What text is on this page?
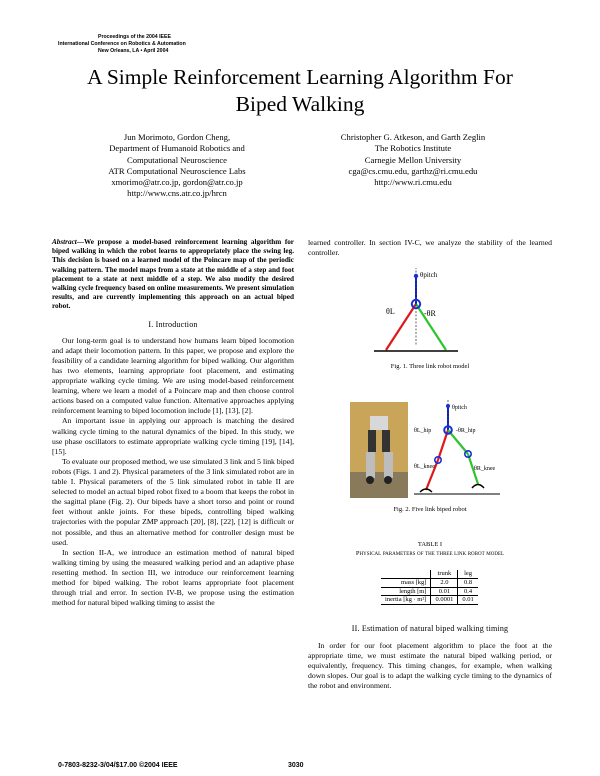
Proceedings of the 2004 IEEE
International Conference on Robotics & Automation
New Orleans, LA • April 2004
A Simple Reinforcement Learning Algorithm For
Biped Walking
Jun Morimoto, Gordon Cheng,
Department of Humanoid Robotics and
Computational Neuroscience
ATR Computational Neuroscience Labs
xmorimo@atr.co.jp, gordon@atr.co.jp
http://www.cns.atr.co.jp/hrcn
Christopher G. Atkeson, and Garth Zeglin
The Robotics Institute
Carnegie Mellon University
cga@cs.cmu.edu, garthz@ri.cmu.edu
http://www.ri.cmu.edu
Abstract—We propose a model-based reinforcement learning algorithm for biped walking in which the robot learns to appropriately place the swing leg. This decision is based on a learned model of the Poincare map of the periodic walking pattern. The model maps from a state at the middle of a step and foot placement to a state at next middle of a step. We also modify the desired walking cycle frequency based on online measurements. We present simulation results, and are currently implementing this approach on an actual biped robot.
I. Introduction

Our long-term goal is to understand how humans learn biped locomotion and adapt their locomotion pattern. In this paper, we propose and explore the feasibility of a candidate learning algorithm for biped walking. Our algorithm has two elements, learning appropriate foot placement, and estimating appropriate walking cycle timing. We are using model-based reinforcement learning, where we learn a model of a Poincare map and then choose control actions based on a computed value function. Alternative approaches applying reinforcement learning to biped locomotion include [1], [13], [2].

An important issue in applying our approach is matching the desired walking cycle timing to the natural dynamics of the biped. In this study, we use phase oscillators to estimate appropriate walking cycle timing [19], [14], [15].

To evaluate our proposed method, we use simulated 3 link and 5 link biped robots (Figs. 1 and 2). Physical parameters of the 3 link simulated robot are in table I. Physical parameters of the 5 link simulated robot in table II are selected to model an actual biped robot fixed to a boom that keeps the robot in the sagittal plane (Fig. 2). Our bipeds have a short torso and point or round feet without ankle joints. For these bipeds, controlling biped walking trajectories with the popular ZMP approach [20], [8], [22], [12] is difficult or not possible, and thus an alternative method for controller design must be used.

In section II-A, we introduce an estimation method of natural biped walking timing by using the measured walking period and an adaptive phase resetting method. In section III, we introduce our reinforcement learning method for biped walking. The robot learns appropriate foot placement through trial and error. In section IV-B, we propose using the estimation method for natural biped walking timing to assist the

learned controller. In section IV-C, we analyze the stability of the learned controller.
θpitch
θL	-θR
Fig. 1. Three link robot model
θpitch
θL_hip	-θR_hip
θL_knee	θR_knee
Fig. 2. Five link biped robot
TABLE I
Physical parameters of the three link robot model
	trunk	leg
mass [kg]	2.0	0.8
length [m]	0.01	0.4
inertia [kg · m²]	0.0001	0.01
II. Estimation of natural biped walking timing

In order for our foot placement algorithm to place the foot at the appropriate time, we must estimate the natural biped walking period, or equivalently, frequency. This timing changes, for example, when walking down slopes. Our goal is to adapt the walking cycle timing to the dynamics of the robot and environment.

0-7803-8232-3/04/$17.00 ©2004 IEEE	3030
